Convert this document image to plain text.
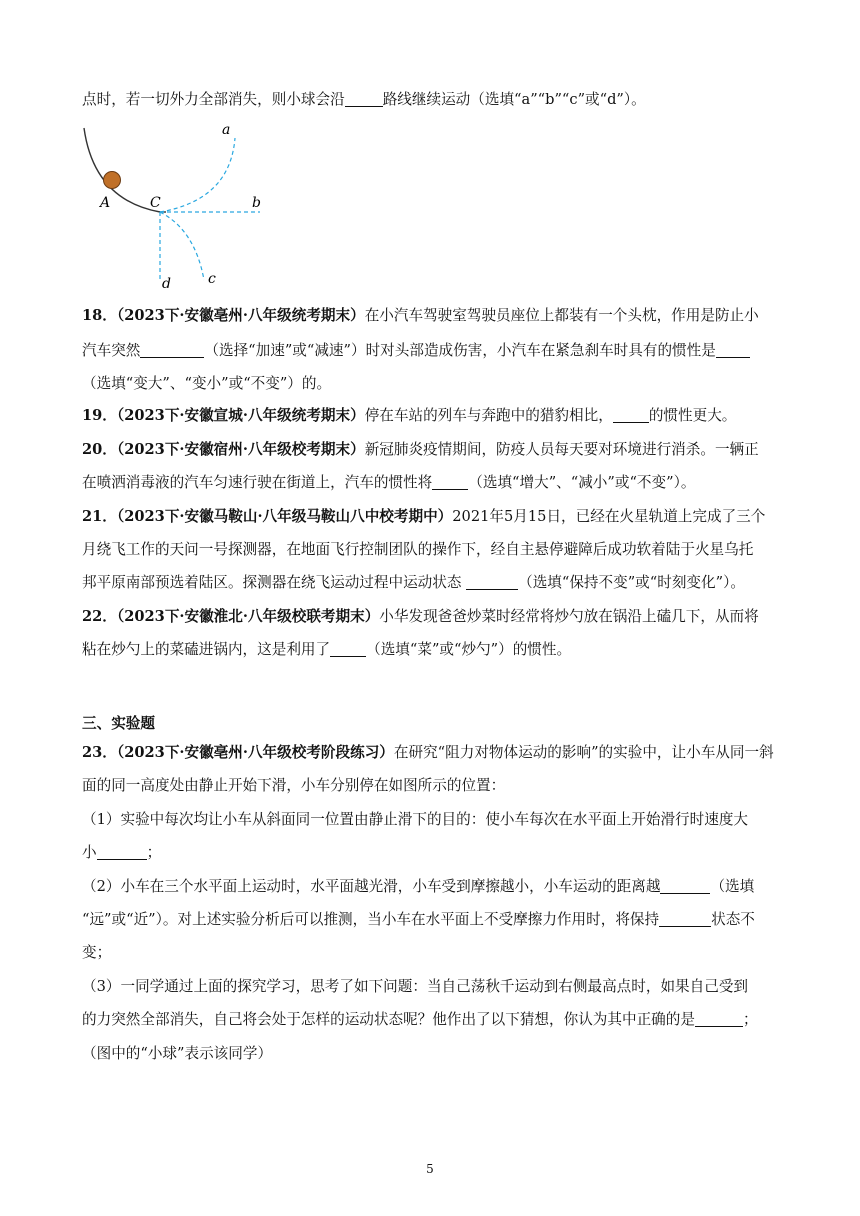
点时，若一切外力全部消失，则小球会沿	路线继续运动（选填“a”“b”“c”或“d”）。
a
b
c
d
A	C
18．（2023下·安徽亳州·八年级统考期末）在小汽车驾驶室驾驶员座位上都装有一个头枕，作用是防止小
汽车突然	（选择“加速”或“减速”）时对头部造成伤害，小汽车在紧急刹车时具有的惯性是
（选填“变大”、“变小”或“不变”）的。
19．（2023下·安徽宣城·八年级统考期末）停在车站的列车与奔跑中的猎豹相比， 的惯性更大。
20．（2023下·安徽宿州·八年级校考期末）新冠肺炎疫情期间，防疫人员每天要对环境进行消杀。一辆正
在喷洒消毒液的汽车匀速行驶在街道上，汽车的惯性将 （选填“增大”、“减小”或“不变”）。
21．（2023下·安徽马鞍山·八年级马鞍山八中校考期中）2021年5月15日，已经在火星轨道上完成了三个
月绕飞工作的天问一号探测器，在地面飞行控制团队的操作下，经自主悬停避障后成功软着陆于火星乌托
邦平原南部预选着陆区。探测器在绕飞运动过程中运动状态	（选填“保持不变”或“时刻变化”）。
22．（2023下·安徽淮北·八年级校联考期末）小华发现爸爸炒菜时经常将炒勺放在锅沿上磕几下，从而将
粘在炒勺上的菜磕进锅内，这是利用了 （选填“菜”或“炒勺”）的惯性。
三、实验题
23．（2023下·安徽亳州·八年级校考阶段练习）在研究“阻力对物体运动的影响”的实验中，让小车从同一斜
面的同一高度处由静止开始下滑，小车分别停在如图所示的位置：
（1）实验中每次均让小车从斜面同一位置由静止滑下的目的：使小车每次在水平面上开始滑行时速度大
小	；
（2）小车在三个水平面上运动时，水平面越光滑，小车受到摩擦越小，小车运动的距离越	（选填
“远”或“近”）。对上述实验分析后可以推测，当小车在水平面上不受摩擦力作用时，将保持	状态不
变；
（3）一同学通过上面的探究学习，思考了如下问题：当自己荡秋千运动到右侧最高点时，如果自己受到
的力突然全部消失，自己将会处于怎样的运动状态呢？他作出了以下猜想，你认为其中正确的是	；
（图中的“小球”表示该同学）
5
